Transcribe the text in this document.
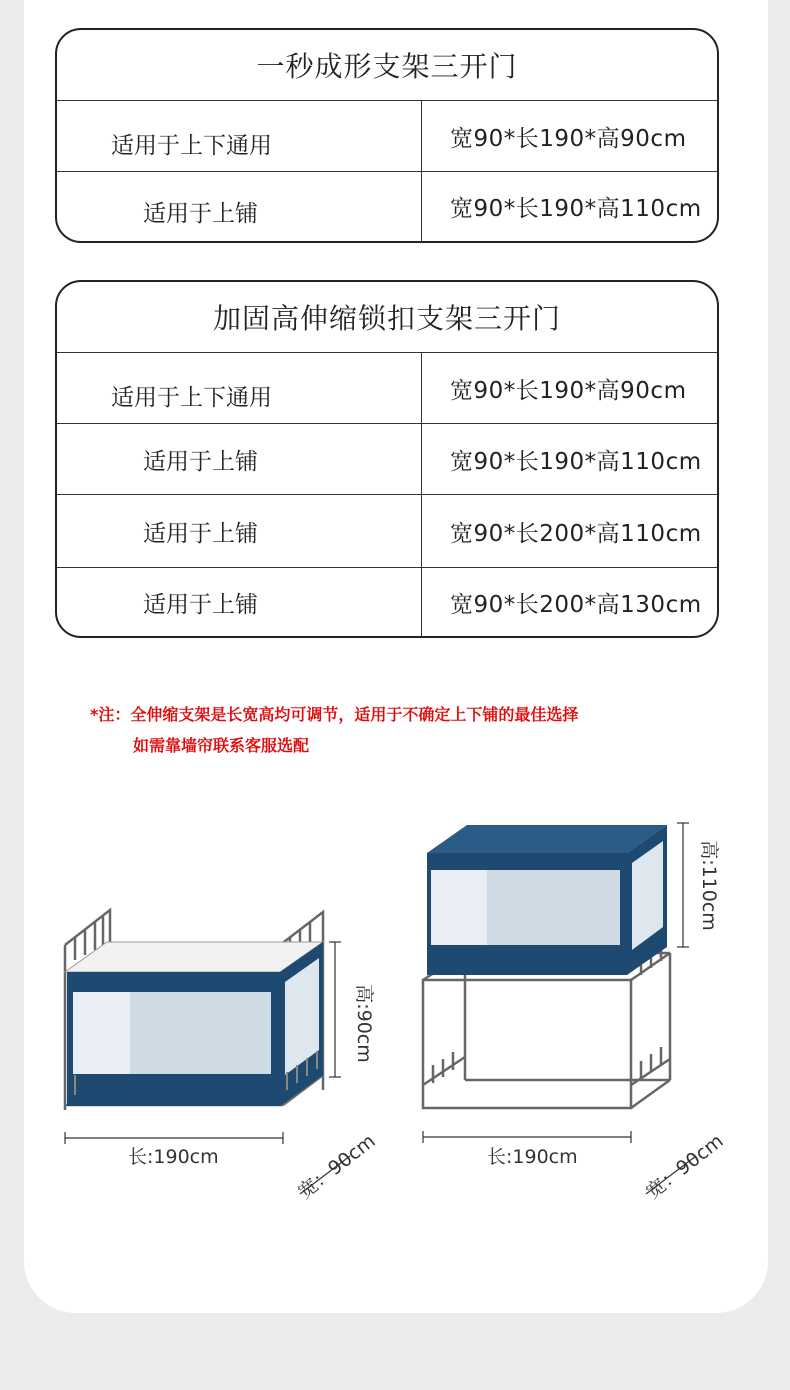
一秒成形支架三开门
适用于上下通用	宽90*长190*高90cm
适用于上铺	宽90*长190*高110cm
加固高伸缩锁扣支架三开门
适用于上下通用	宽90*长190*高90cm
适用于上铺	宽90*长190*高110cm
适用于上铺	宽90*长200*高110cm
适用于上铺	宽90*长200*高130cm
*注：全伸缩支架是长宽高均可调节，适用于不确定上下铺的最佳选择
如需靠墙帘联系客服选配
高:90cm
长:190cm	宽：90cm
高:110cm
长:190cm	宽：90cm
